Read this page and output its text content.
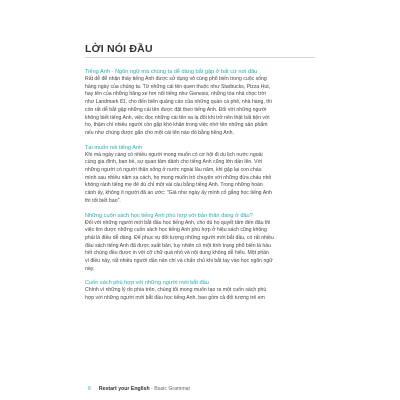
LỜI NÓI ĐẦU
Tiếng Anh - Ngôn ngữ mà chúng ta dễ dàng bắt gặp ở bất cứ nơi đâu
Rất dễ để nhận thấy tiếng Anh được sử dụng vô cùng phổ biến trong cuộc sống
hàng ngày của chúng ta. Từ những cái tên quen thuộc như Starbucks, Pizza Hut,
hay tên của những hãng xe hơi nổi tiếng như Genesis, những tòa nhà chọc trời
như Landmark 81, cho đến biển quảng cáo của những quán cà phê, nhà hàng, thì
còn rất dễ bắt gặp những cái tên được đặt theo tiếng Anh. Đối với những người
không biết tiếng Anh, việc đọc những cái tên xa lạ đôi khi trở nên thật bất tiện với
họ, thậm chí nhiều người còn gặp khó khăn trong việc nhớ tên những sản phẩm
nếu như chúng được gắn cho một cái tên nào đó bằng tiếng Anh.
Tại muốn nói tiếng Anh
Khi mà ngày càng có nhiều người mong muốn có cơ hội đi du lịch nước ngoài
cùng gia đình, bạn bè, sự quan tâm dành cho tiếng Anh cũng lớn dần lên. Với
những người có người thân sống ở nước ngoài lâu năm, khi gặp lại con cháu
mình sau nhiều năm xa cách, họ mong muốn trò chuyện với những đứa cháu nhỏ
không rành tiếng mẹ đẻ dù chỉ một vài câu bằng tiếng Anh. Trong những hoàn
cảnh ấy, không ít người đã ao ước: "Giá như ngày ấy mình cố gắng học tiếng Anh
thì tốt biết bao".
Những cuốn sách học tiếng Anh phù hợp với bản thân đang ở đâu?
Đối với những người mới bắt đầu học tiếng Anh, cho dù họ quyết tâm đến đâu thì
việc tìm được những cuốn sách học tiếng Anh phù hợp ở hiệu sách cũng không
phải là điều dễ dàng. Để phục vụ đối tượng những người mới bắt đầu, có rất nhiều
đầu sách tiếng Anh đã được xuất bản, tuy nhiên có một tình trạng phổ biến là hầu
hết chúng đều được in với cỡ chữ quá nhỏ và nội dung không dễ hiểu. Một phần
vì điều này, rất nhiều người dần nản chí và chấn chủ khi bắt tay vào học ngôn ngữ
này.
Cuốn sách phù hợp với những người mới bắt đầu
Chính vì những lý do phía trên, chúng tôi mong muốn tạo ra một cuốn sách phù
hợp với những người mới bắt đầu học tiếng Anh, bao gồm cả đối tượng trẻ em
6 Restart your English - Basic Grammar
